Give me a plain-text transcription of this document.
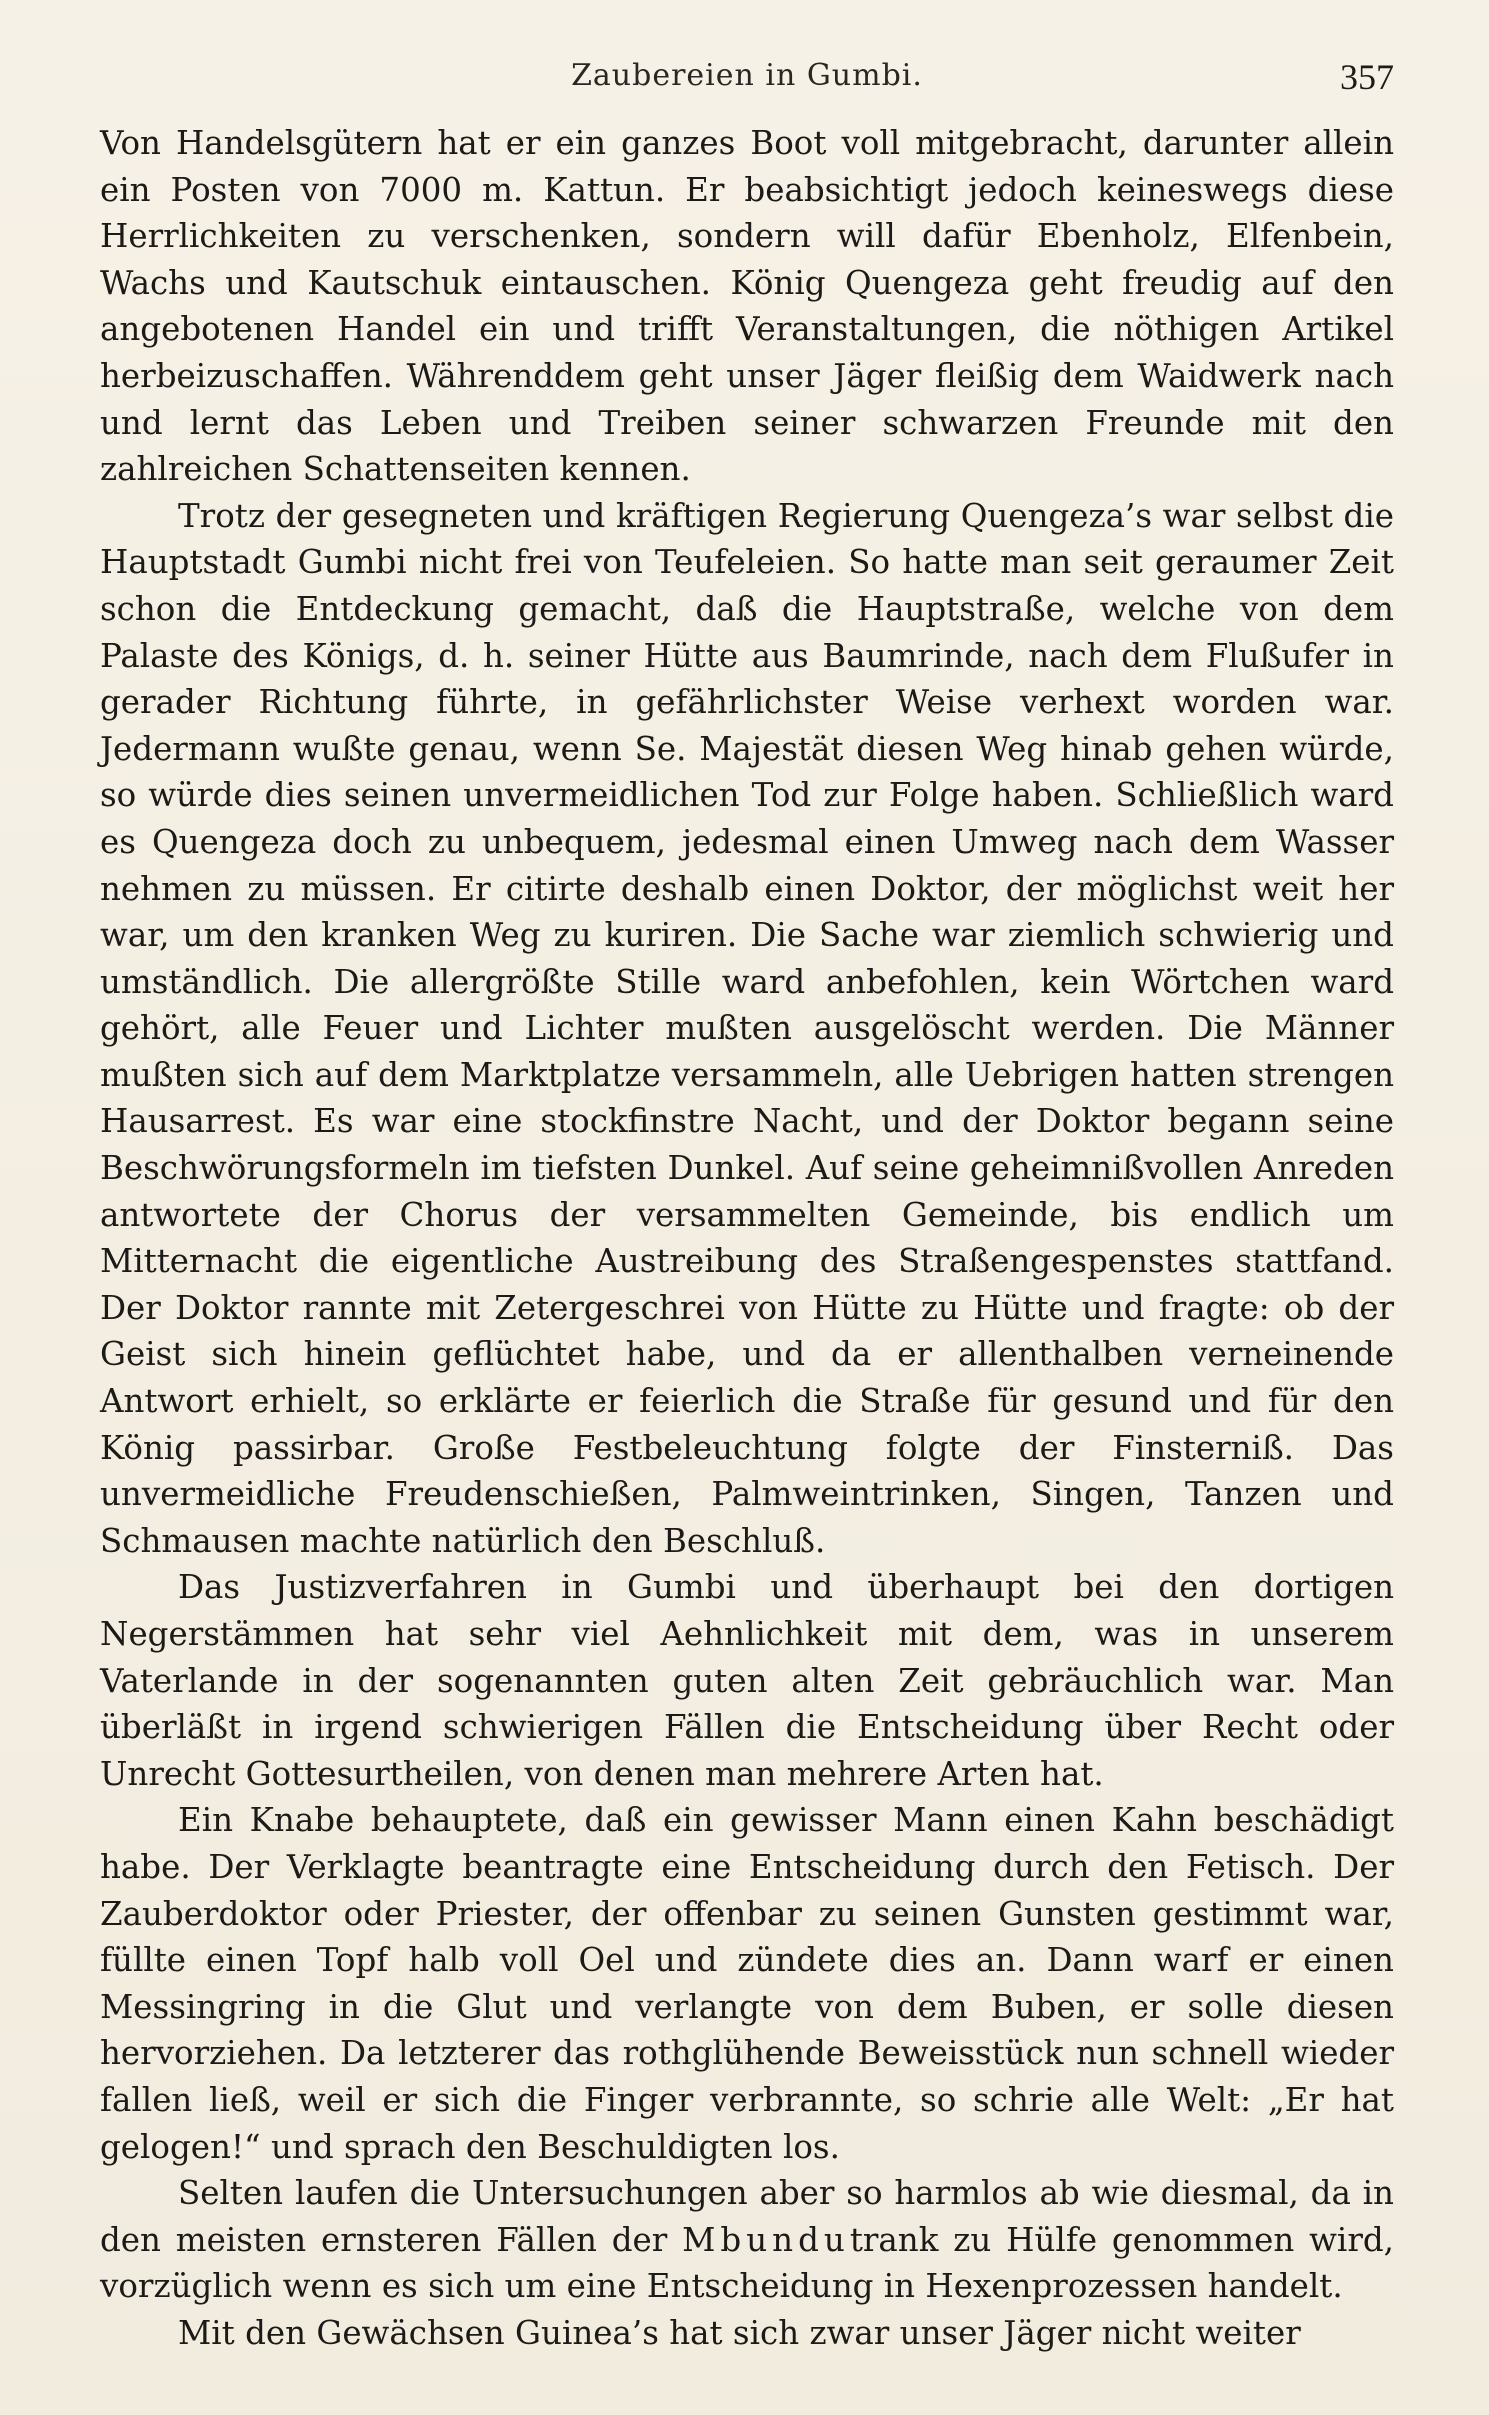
Zaubereien in Gumbi.	357

Von Handelsgütern hat er ein ganzes Boot voll mitgebracht, darunter allein ein Posten von 7000 m. Kattun. Er beabsichtigt jedoch keineswegs diese Herrlichkeiten zu verschenken, sondern will dafür Ebenholz, Elfenbein, Wachs und Kautschuk eintauschen. König Quengeza geht freudig auf den angebotenen Handel ein und trifft Veranstaltungen, die nöthigen Artikel herbeizuschaffen. Währenddem geht unser Jäger fleißig dem Waidwerk nach und lernt das Leben und Treiben seiner schwarzen Freunde mit den zahlreichen Schattenseiten kennen.

Trotz der gesegneten und kräftigen Regierung Quengeza’s war selbst die Hauptstadt Gumbi nicht frei von Teufeleien. So hatte man seit geraumer Zeit schon die Entdeckung gemacht, daß die Hauptstraße, welche von dem Palaste des Königs, d. h. seiner Hütte aus Baumrinde, nach dem Flußufer in gerader Richtung führte, in gefährlichster Weise verhext worden war. Jedermann wußte genau, wenn Se. Majestät diesen Weg hinab gehen würde, so würde dies seinen unvermeidlichen Tod zur Folge haben. Schließlich ward es Quengeza doch zu unbequem, jedesmal einen Umweg nach dem Wasser nehmen zu müssen. Er citirte deshalb einen Doktor, der möglichst weit her war, um den kranken Weg zu kuriren. Die Sache war ziemlich schwierig und umständlich. Die allergrößte Stille ward anbefohlen, kein Wörtchen ward gehört, alle Feuer und Lichter mußten ausgelöscht werden. Die Männer mußten sich auf dem Marktplatze versammeln, alle Uebrigen hatten strengen Hausarrest. Es war eine stockfinstre Nacht, und der Doktor begann seine Beschwörungsformeln im tiefsten Dunkel. Auf seine geheimnißvollen Anreden antwortete der Chorus der versammelten Gemeinde, bis endlich um Mitternacht die eigentliche Austreibung des Straßengespenstes stattfand. Der Doktor rannte mit Zetergeschrei von Hütte zu Hütte und fragte: ob der Geist sich hinein geflüchtet habe, und da er allenthalben verneinende Antwort erhielt, so erklärte er feierlich die Straße für gesund und für den König passirbar. Große Festbeleuchtung folgte der Finsterniß. Das unvermeidliche Freudenschießen, Palmweintrinken, Singen, Tanzen und Schmausen machte natürlich den Beschluß.

Das Justizverfahren in Gumbi und überhaupt bei den dortigen Negerstämmen hat sehr viel Aehnlichkeit mit dem, was in unserem Vaterlande in der sogenannten guten alten Zeit gebräuchlich war. Man überläßt in irgend schwierigen Fällen die Entscheidung über Recht oder Unrecht Gottesurtheilen, von denen man mehrere Arten hat.

Ein Knabe behauptete, daß ein gewisser Mann einen Kahn beschädigt habe. Der Verklagte beantragte eine Entscheidung durch den Fetisch. Der Zauberdoktor oder Priester, der offenbar zu seinen Gunsten gestimmt war, füllte einen Topf halb voll Oel und zündete dies an. Dann warf er einen Messingring in die Glut und verlangte von dem Buben, er solle diesen hervorziehen. Da letzterer das rothglühende Beweisstück nun schnell wieder fallen ließ, weil er sich die Finger verbrannte, so schrie alle Welt: „Er hat gelogen!“ und sprach den Beschuldigten los.

Selten laufen die Untersuchungen aber so harmlos ab wie diesmal, da in den meisten ernsteren Fällen der Mbundutrank zu Hülfe genommen wird, vorzüglich wenn es sich um eine Entscheidung in Hexenprozessen handelt.

Mit den Gewächsen Guinea’s hat sich zwar unser Jäger nicht weiter
